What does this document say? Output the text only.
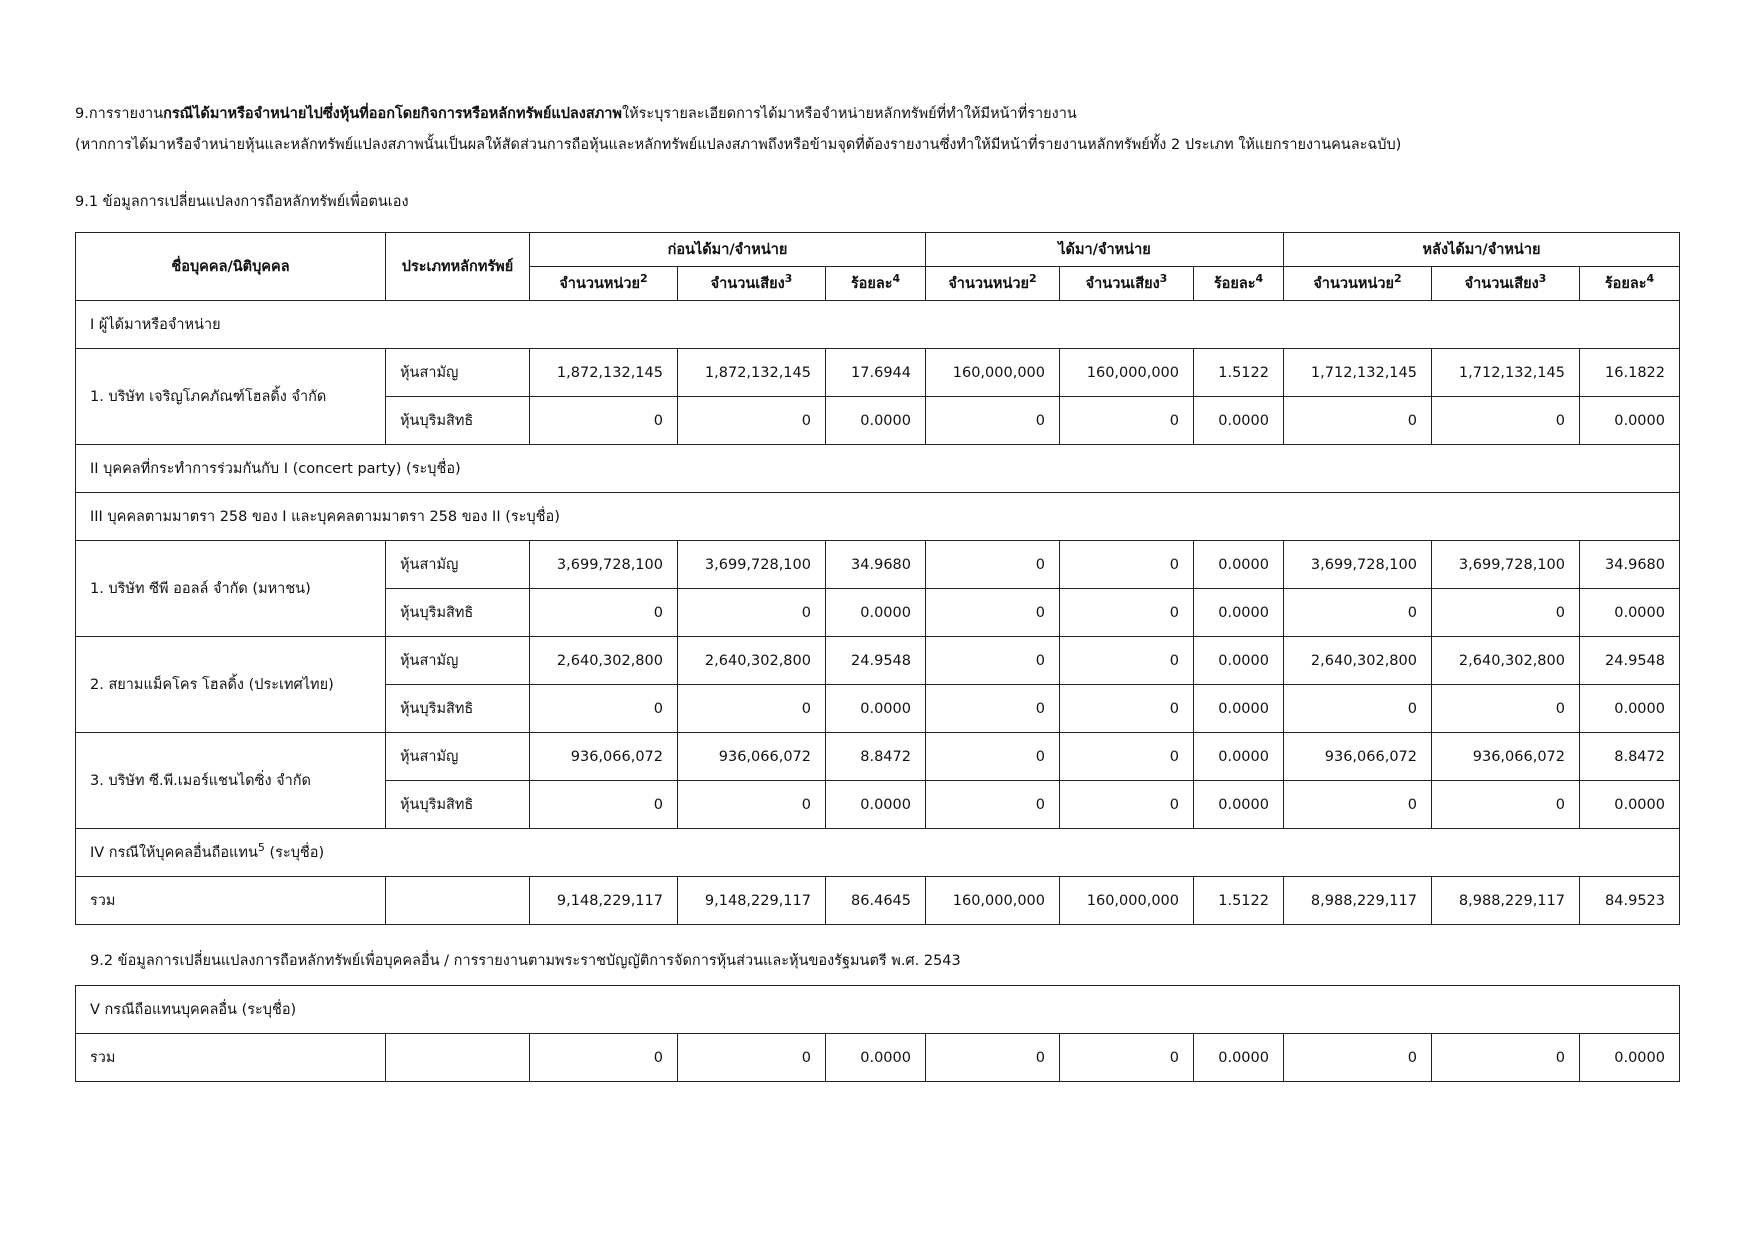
9.การรายงานกรณีได้มาหรือจำหน่ายไปซึ่งหุ้นที่ออกโดยกิจการหรือหลักทรัพย์แปลงสภาพให้ระบุรายละเอียดการได้มาหรือจำหน่ายหลักทรัพย์ที่ทำให้มีหน้าที่รายงาน
(หากการได้มาหรือจำหน่ายหุ้นและหลักทรัพย์แปลงสภาพนั้นเป็นผลให้สัดส่วนการถือหุ้นและหลักทรัพย์แปลงสภาพถึงหรือข้ามจุดที่ต้องรายงานซึ่งทำให้มีหน้าที่รายงานหลักทรัพย์ทั้ง 2 ประเภท ให้แยกรายงานคนละฉบับ)
9.1 ข้อมูลการเปลี่ยนแปลงการถือหลักทรัพย์เพื่อตนเอง
ชื่อบุคคล/นิติบุคคล	ประเภทหลักทรัพย์	ก่อนได้มา/จำหน่าย			ได้มา/จำหน่าย			หลังได้มา/จำหน่าย		
		จำนวนหน่วย$^2$	จำนวนเสียง$^3$	ร้อยละ$^4$	จำนวนหน่วย$^2$	จำนวนเสียง$^3$	ร้อยละ$^4$	จำนวนหน่วย$^2$	จำนวนเสียง$^3$	ร้อยละ$^4$
I ผู้ได้มาหรือจำหน่าย										
1. บริษัท เจริญโภคภัณฑ์โฮลดิ้ง จำกัด	หุ้นสามัญ	1,872,132,145	1,872,132,145	17.6944	160,000,000	160,000,000	1.5122	1,712,132,145	1,712,132,145	16.1822
	หุ้นบุริมสิทธิ	0	0	0.0000	0	0	0.0000	0	0	0.0000
II บุคคลที่กระทำการร่วมกันกับ I (concert party) (ระบุชื่อ)										
III บุคคลตามมาตรา 258 ของ I และบุคคลตามมาตรา 258 ของ II (ระบุชื่อ)										
1. บริษัท ซีพี ออลล์ จำกัด (มหาชน)	หุ้นสามัญ	3,699,728,100	3,699,728,100	34.9680	0	0	0.0000	3,699,728,100	3,699,728,100	34.9680
	หุ้นบุริมสิทธิ	0	0	0.0000	0	0	0.0000	0	0	0.0000
2. สยามแม็คโคร โฮลดิ้ง (ประเทศไทย)	หุ้นสามัญ	2,640,302,800	2,640,302,800	24.9548	0	0	0.0000	2,640,302,800	2,640,302,800	24.9548
	หุ้นบุริมสิทธิ	0	0	0.0000	0	0	0.0000	0	0	0.0000
3. บริษัท ซี.พี.เมอร์แชนไดซิ่ง จำกัด	หุ้นสามัญ	936,066,072	936,066,072	8.8472	0	0	0.0000	936,066,072	936,066,072	8.8472
	หุ้นบุริมสิทธิ	0	0	0.0000	0	0	0.0000	0	0	0.0000
IV กรณีให้บุคคลอื่นถือแทน$^5$ (ระบุชื่อ)										
รวม		9,148,229,117	9,148,229,117	86.4645	160,000,000	160,000,000	1.5122	8,988,229,117	8,988,229,117	84.9523
9.2 ข้อมูลการเปลี่ยนแปลงการถือหลักทรัพย์เพื่อบุคคลอื่น / การรายงานตามพระราชบัญญัติการจัดการหุ้นส่วนและหุ้นของรัฐมนตรี พ.ศ. 2543
V กรณีถือแทนบุคคลอื่น (ระบุชื่อ)
รวม		0	0	0.0000	0	0	0.0000	0	0	0.0000
